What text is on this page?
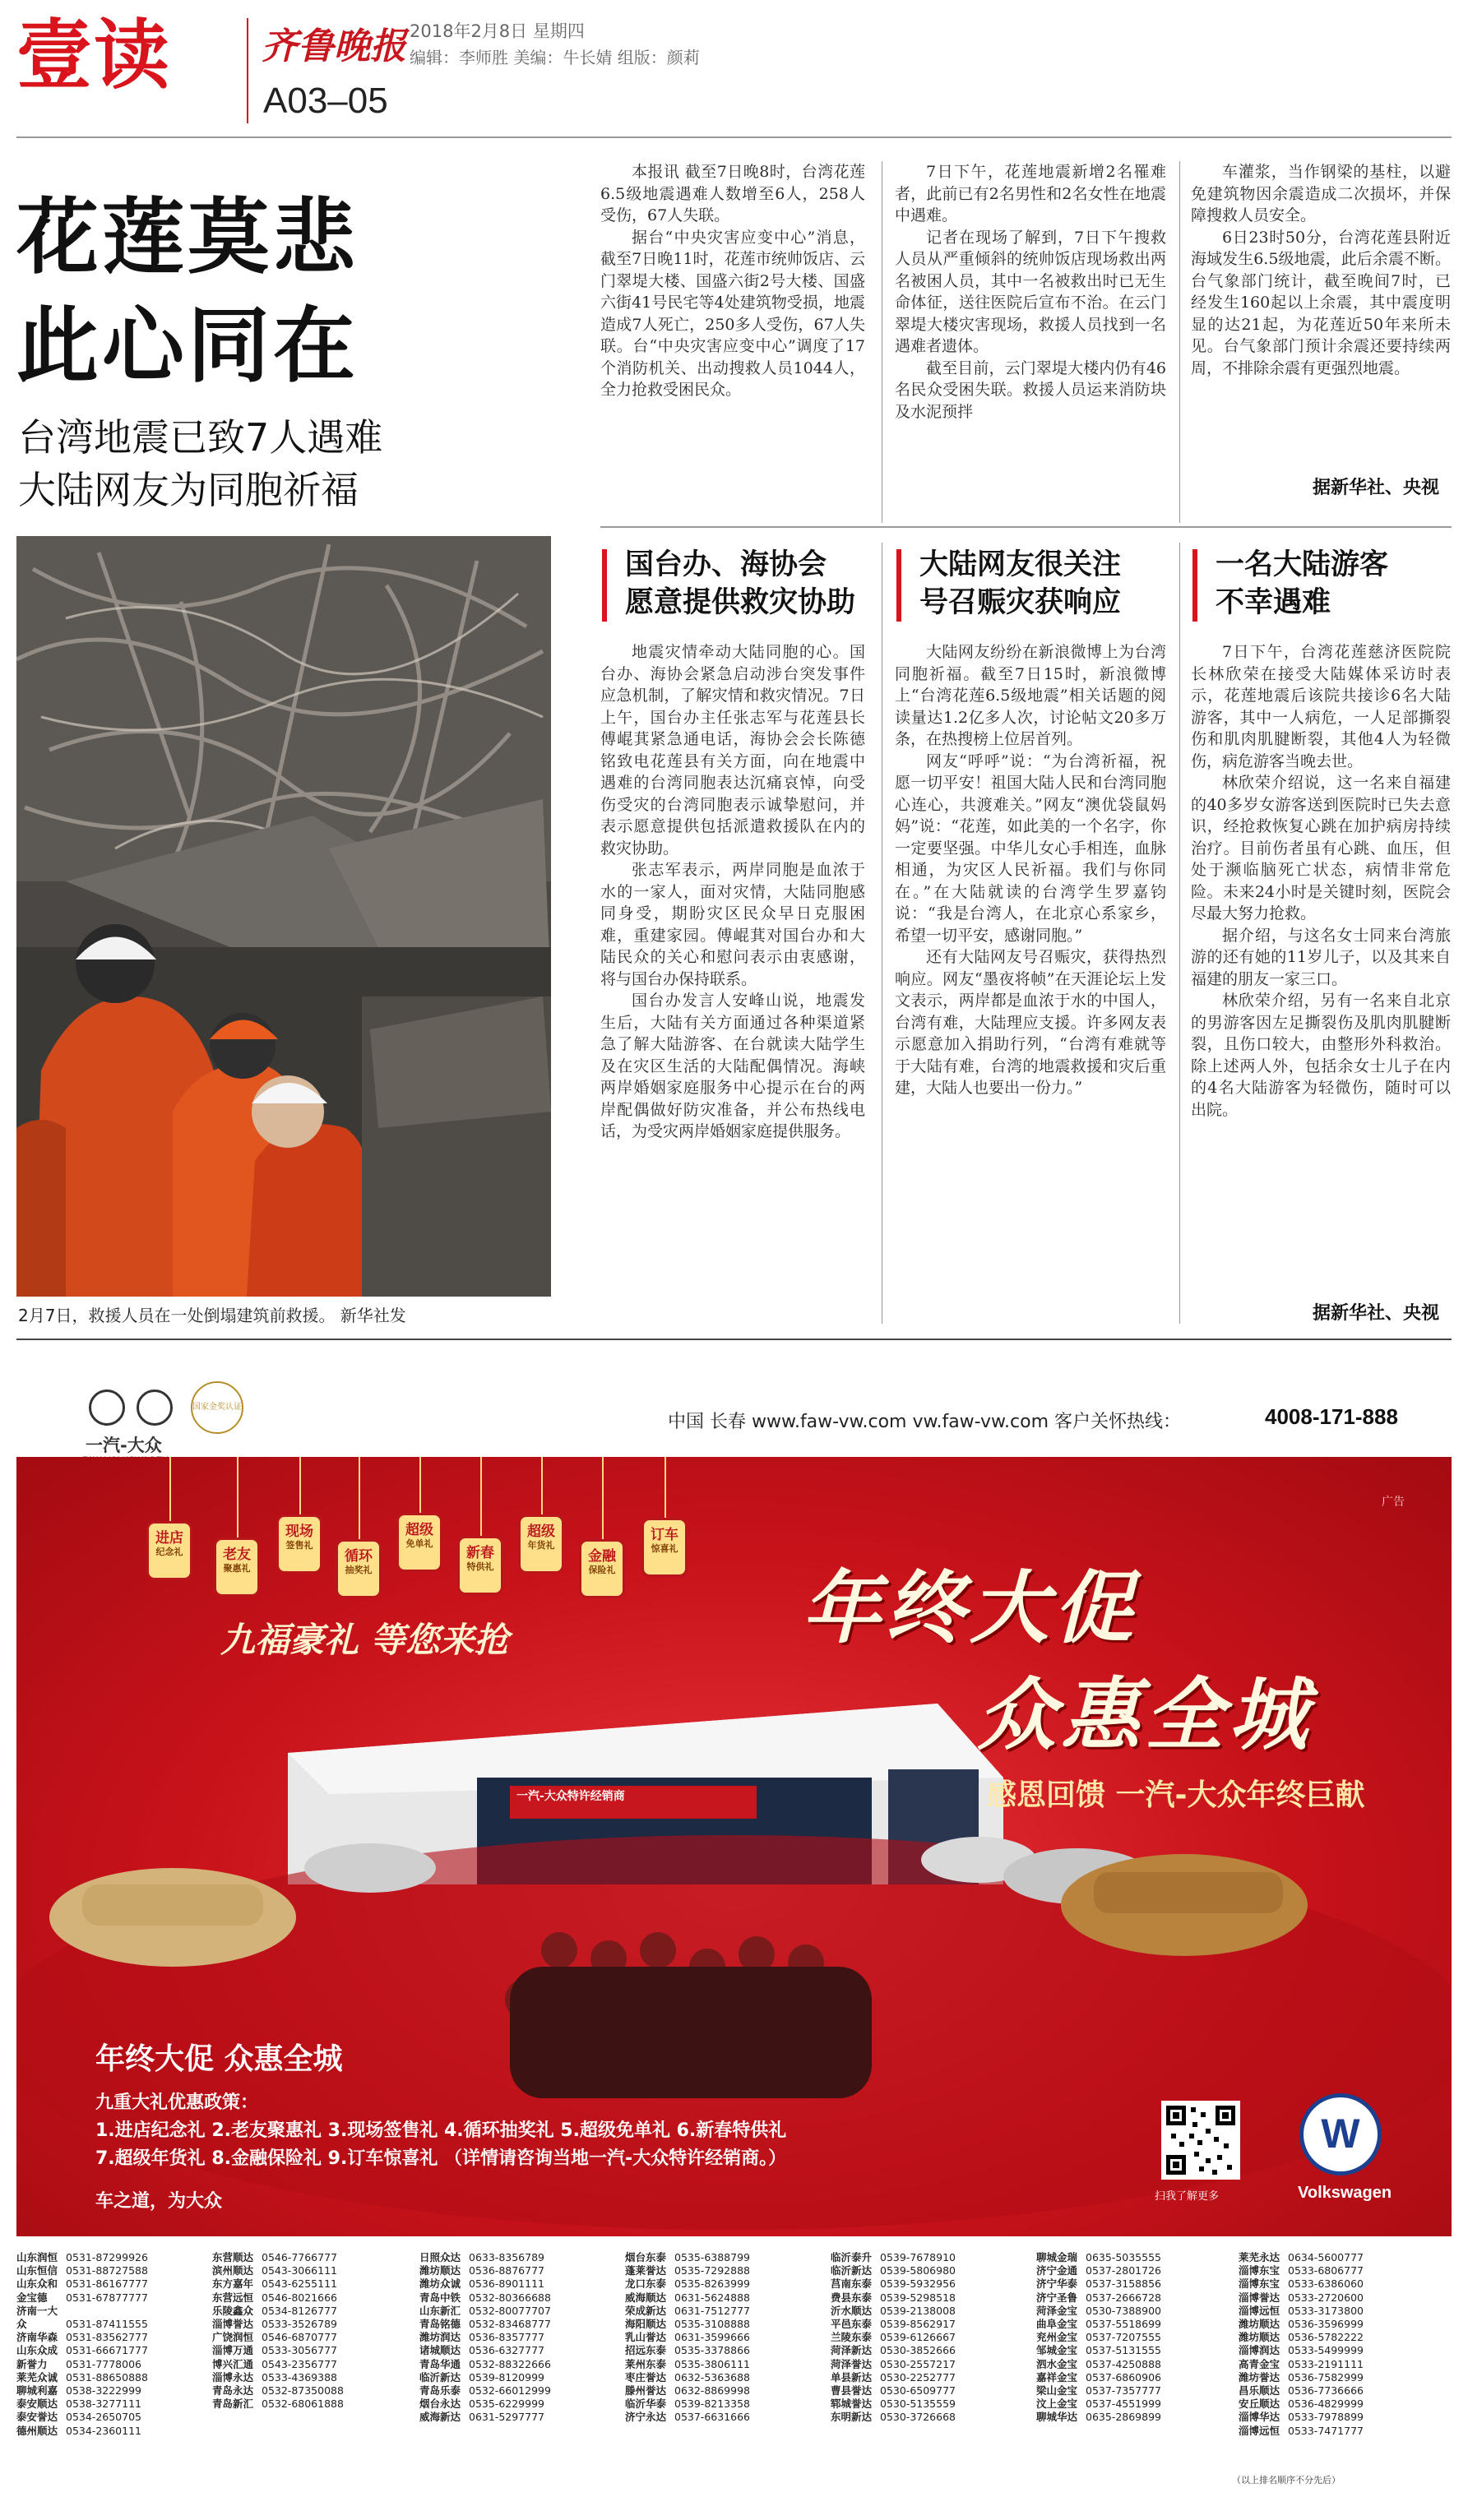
壹读 齐鲁晚报 2018年2月8日 星期四
编辑：李师胜 美编：牛长婧 组版：颜莉
A03–05
花莲莫悲
此心同在
台湾地震已致7人遇难
大陆网友为同胞祈福
2月7日，救援人员在一处倒塌建筑前救援。 新华社发

本报讯 截至7日晚8时，台湾花莲6.5级地震遇难人数增至6人，258人受伤，67人失联。

据台“中央灾害应变中心”消息，截至7日晚11时，花莲市统帅饭店、云门翠堤大楼、国盛六街2号大楼、国盛六街41号民宅等4处建筑物受损，地震造成7人死亡，250多人受伤，67人失联。台“中央灾害应变中心”调度了17个消防机关、出动搜救人员1044人，全力抢救受困民众。

7日下午，花莲地震新增2名罹难者，此前已有2名男性和2名女性在地震中遇难。

记者在现场了解到，7日下午搜救人员从严重倾斜的统帅饭店现场救出两名被困人员，其中一名被救出时已无生命体征，送往医院后宣布不治。在云门翠堤大楼灾害现场，救援人员找到一名遇难者遗体。

截至目前，云门翠堤大楼内仍有46名民众受困失联。救援人员运来消防块及水泥预拌

车灌浆，当作钢梁的基柱，以避免建筑物因余震造成二次损坏，并保障搜救人员安全。

6日23时50分，台湾花莲县附近海域发生6.5级地震，此后余震不断。台气象部门统计，截至晚间7时，已经发生160起以上余震，其中震度明显的达21起，为花莲近50年来所未见。台气象部门预计余震还要持续两周，不排除余震有更强烈地震。

据新华社、央视
国台办、海协会
愿意提供救灾协助

地震灾情牵动大陆同胞的心。国台办、海协会紧急启动涉台突发事件应急机制，了解灾情和救灾情况。7日上午，国台办主任张志军与花莲县长傅崐萁紧急通电话，海协会会长陈德铭致电花莲县有关方面，向在地震中遇难的台湾同胞表达沉痛哀悼，向受伤受灾的台湾同胞表示诚挚慰问，并表示愿意提供包括派遣救援队在内的救灾协助。

张志军表示，两岸同胞是血浓于水的一家人，面对灾情，大陆同胞感同身受，期盼灾区民众早日克服困难，重建家园。傅崐萁对国台办和大陆民众的关心和慰问表示由衷感谢，将与国台办保持联系。

国台办发言人安峰山说，地震发生后，大陆有关方面通过各种渠道紧急了解大陆游客、在台就读大陆学生及在灾区生活的大陆配偶情况。海峡两岸婚姻家庭服务中心提示在台的两岸配偶做好防灾准备，并公布热线电话，为受灾两岸婚姻家庭提供服务。

大陆网友很关注
号召赈灾获响应

大陆网友纷纷在新浪微博上为台湾同胞祈福。截至7日15时，新浪微博上“台湾花莲6.5级地震”相关话题的阅读量达1.2亿多人次，讨论帖文20多万条，在热搜榜上位居首列。

网友“呼呼”说：“为台湾祈福，祝愿一切平安！祖国大陆人民和台湾同胞心连心，共渡难关。”网友“澳优袋鼠妈妈”说：“花莲，如此美的一个名字，你一定要坚强。中华儿女心手相连，血脉相通，为灾区人民祈福。我们与你同在。”在大陆就读的台湾学生罗嘉钧说：“我是台湾人，在北京心系家乡，希望一切平安，感谢同胞。”

还有大陆网友号召赈灾，获得热烈响应。网友“墨夜将帧”在天涯论坛上发文表示，两岸都是血浓于水的中国人，台湾有难，大陆理应支援。许多网友表示愿意加入捐助行列，“台湾有难就等于大陆有难，台湾的地震救援和灾后重建，大陆人也要出一份力。”

一名大陆游客
不幸遇难

7日下午，台湾花莲慈济医院院长林欣荣在接受大陆媒体采访时表示，花莲地震后该院共接诊6名大陆游客，其中一人病危，一人足部撕裂伤和肌肉肌腱断裂，其他4人为轻微伤，病危游客当晚去世。

林欣荣介绍说，这一名来自福建的40多岁女游客送到医院时已失去意识，经抢救恢复心跳在加护病房持续治疗。目前伤者虽有心跳、血压，但处于濒临脑死亡状态，病情非常危险。未来24小时是关键时刻，医院会尽最大努力抢救。

据介绍，与这名女士同来台湾旅游的还有她的11岁儿子，以及其来自福建的朋友一家三口。

林欣荣介绍，另有一名来自北京的男游客因左足撕裂伤及肌肉肌腱断裂，且伤口较大，由整形外科救治。除上述两人外，包括余女士儿子在内的4名大陆游客为轻微伤，随时可以出院。

据新华社、央视
一汽-大众
国家金奖认证
中国 长春 www.faw-vw.com vw.faw-vw.com 客户关怀热线：	4008-171-888
广告
进店
纪念礼	老友
聚惠礼
现场
签售礼
循环
抽奖礼
超级
免单礼
新春
特供礼
超级
年货礼
金融
保险礼
订车
惊喜礼
九福豪礼 等您来抢	年终大促
众惠全城
感恩回馈 一汽-大众年终巨献
一汽-大众特许经销商
年终大促 众惠全城
九重大礼优惠政策：
1.进店纪念礼 2.老友聚惠礼 3.现场签售礼 4.循环抽奖礼 5.超级免单礼 6.新春特供礼
7.超级年货礼 8.金融保险礼 9.订车惊喜礼 （详情请咨询当地一汽-大众特许经销商。）
车之道，为大众	扫我了解更多
W
Volkswagen
山东润恒 0531-87299926
山东恒信 0531-88727588
山东众和 0531-86167777
金宝德 0531-67877777
济南一大众	0531-87411555
济南华森 0531-83562777
山东众成 0531-66671777
新誉力 0531-7778006
莱芜众诚 0531-88650888
聊城利嘉 0538-3222999
泰安顺达 0538-3277111
泰安誉达 0534-2650705
德州顺达 0534-2360111
东营顺达 0546-7766777
滨州顺达 0543-3066111
东方嘉年 0543-6255111
东营远恒 0546-8021666
乐陵鑫众 0534-8126777
淄博誉达 0533-3526789
广饶润恒 0546-6870777
淄博万通 0533-3056777
博兴汇通 0543-2356777
淄博永达 0533-4369388
青岛永达 0532-87350088
青岛新汇 0532-68061888
日照众达 0633-8356789
潍坊顺达 0536-8876777
潍坊众诚 0536-8901111
青岛中铁 0532-80366688
山东新汇 0532-80077707
青岛铭德 0532-83468777
潍坊润达 0536-8357777
诸城顺达 0536-6327777
青岛华通 0532-88322666
临沂新达 0539-8120999
青岛乐泰 0532-66012999
烟台永达 0535-6229999
威海新达 0631-5297777
烟台东泰 0535-6388799
蓬莱誉达 0535-7292888
龙口东泰 0535-8263999
威海顺达 0631-5624888
荣成新达 0631-7512777
海阳顺达 0535-3108888
乳山誉达 0631-3599666
招远东泰 0535-3378866
莱州东泰 0535-3806111
枣庄誉达 0632-5363688
滕州誉达 0632-8869998
临沂华泰 0539-8213358
济宁永达 0537-6631666
临沂泰升 0539-7678910
临沂新达 0539-5806980
莒南东泰 0539-5932956
费县东泰 0539-5298518
沂水顺达 0539-2138008
平邑东泰 0539-8562917
兰陵东泰 0539-6126667
菏泽新达 0530-3852666
菏泽誉达 0530-2557217
单县新达 0530-2252777
曹县誉达 0530-6509777
郓城誉达 0530-5135559
东明新达 0530-3726668
聊城金瑞 0635-5035555
济宁金通 0537-2801726
济宁华泰 0537-3158856
济宁圣鲁 0537-2666728
菏泽金宝 0530-7388900
曲阜金宝 0537-5518699
兖州金宝 0537-7207555
邹城金宝 0537-5131555
泗水金宝 0537-4250888
嘉祥金宝 0537-6860906
梁山金宝 0537-7357777
汶上金宝 0537-4551999
聊城华达 0635-2869899
莱芜永达 0634-5600777
淄博东宝 0533-6806777
淄博东宝 0533-6386060
淄博誉达 0533-2720600
淄博远恒 0533-3173800
潍坊顺达 0536-3596999
潍坊顺达 0536-5782222
淄博润达 0533-5499999
高青金宝 0533-2191111
潍坊誉达 0536-7582999
昌乐顺达 0536-7736666
安丘顺达 0536-4829999
淄博华达 0533-7978899
淄博远恒 0533-7471777
（以上排名顺序不分先后）
